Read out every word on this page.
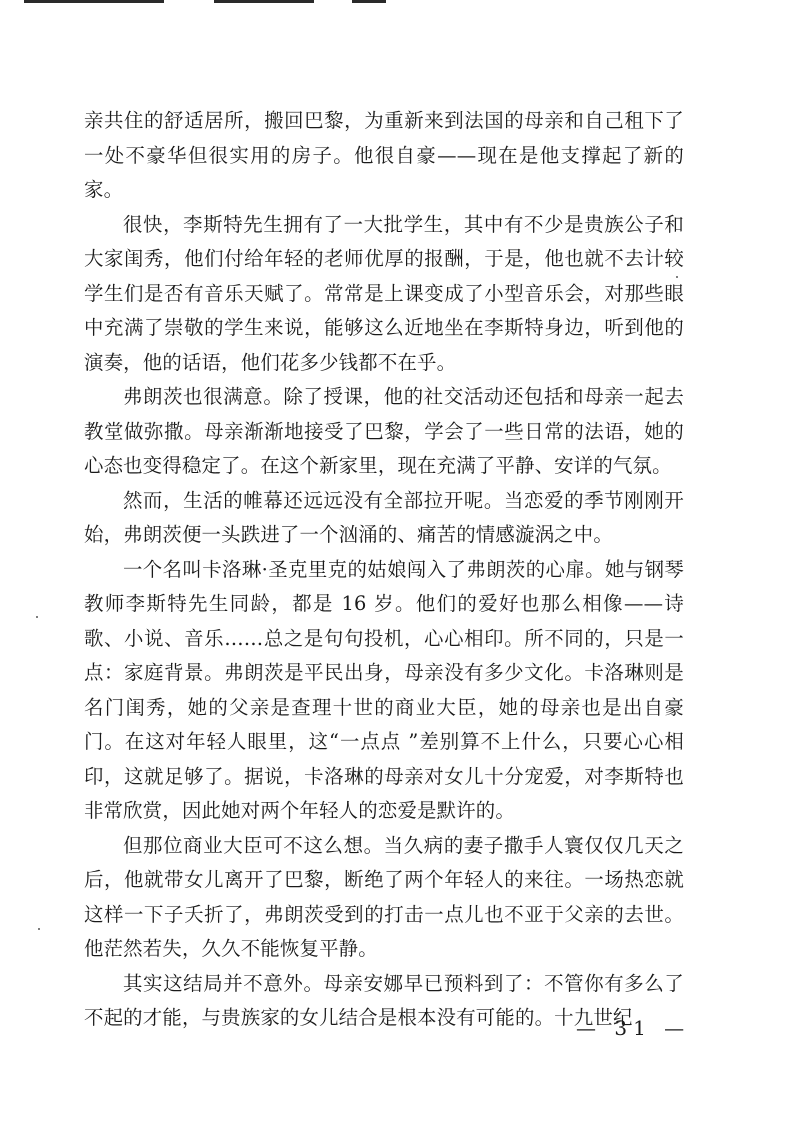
亲共住的舒适居所，搬回巴黎，为重新来到法国的母亲和自己租下了一处不豪华但很实用的房子。他很自豪——现在是他支撑起了新的家。

很快，李斯特先生拥有了一大批学生，其中有不少是贵族公子和大家闺秀，他们付给年轻的老师优厚的报酬，于是，他也就不去计较学生们是否有音乐天赋了。常常是上课变成了小型音乐会，对那些眼中充满了崇敬的学生来说，能够这么近地坐在李斯特身边，听到他的演奏，他的话语，他们花多少钱都不在乎。

弗朗茨也很满意。除了授课，他的社交活动还包括和母亲一起去教堂做弥撒。母亲渐渐地接受了巴黎，学会了一些日常的法语，她的心态也变得稳定了。在这个新家里，现在充满了平静、安详的气氛。

然而，生活的帷幕还远远没有全部拉开呢。当恋爱的季节刚刚开始，弗朗茨便一头跌进了一个汹涌的、痛苦的情感漩涡之中。

一个名叫卡洛琳·圣克里克的姑娘闯入了弗朗茨的心扉。她与钢琴教师李斯特先生同龄，都是 16 岁。他们的爱好也那么相像——诗歌、小说、音乐……总之是句句投机，心心相印。所不同的，只是一点：家庭背景。弗朗茨是平民出身，母亲没有多少文化。卡洛琳则是名门闺秀，她的父亲是查理十世的商业大臣，她的母亲也是出自豪门。在这对年轻人眼里，这“一点点 ”差别算不上什么，只要心心相印，这就足够了。据说，卡洛琳的母亲对女儿十分宠爱，对李斯特也非常欣赏，因此她对两个年轻人的恋爱是默许的。

但那位商业大臣可不这么想。当久病的妻子撒手人寰仅仅几天之后，他就带女儿离开了巴黎，断绝了两个年轻人的来往。一场热恋就这样一下子夭折了，弗朗茨受到的打击一点儿也不亚于父亲的去世。他茫然若失，久久不能恢复平静。

其实这结局并不意外。母亲安娜早已预料到了：不管你有多么了不起的才能，与贵族家的女儿结合是根本没有可能的。十九世纪

— 31 —
